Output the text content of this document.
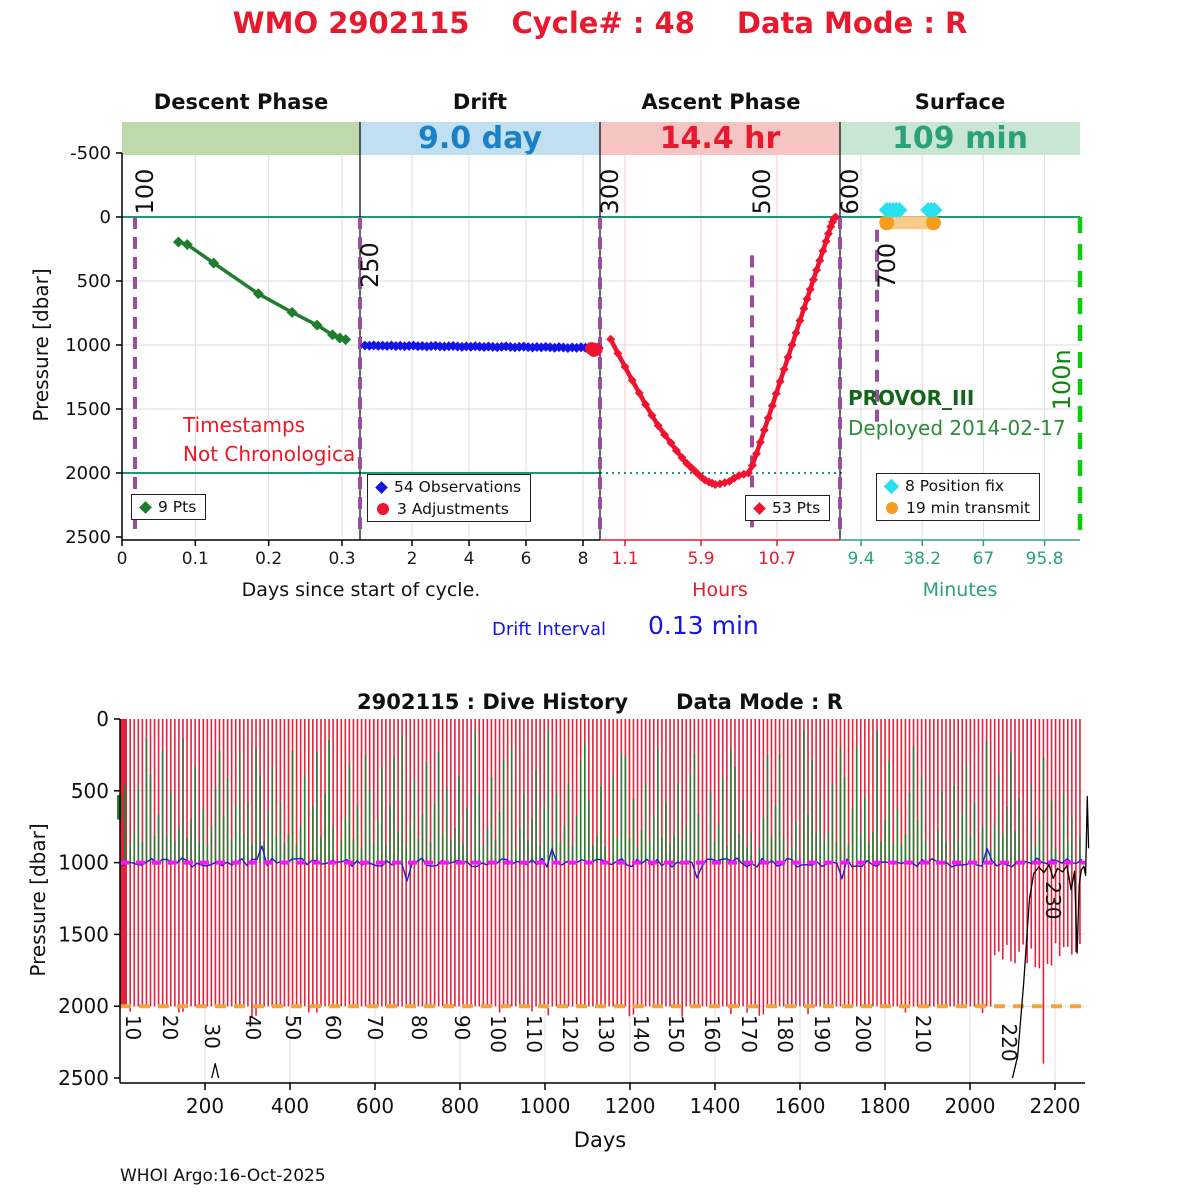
WMO 2902115 Cycle# : 48 Data Mode : R
Descent Phase	Drift	Ascent Phase	Surface
9.0 day	14.4 hr	109 min
100
250
300	500	600
700
100n
-500
0
500
1000
1500
2000
2500
0	0.1	0.2	0.3	2	4	6	8 1.1	5.9	10.7	9.4 38.2 67 95.8
Days since start of cycle.	Hours	Minutes
Pressure [dbar]
10 20 30 40 50 60 70 80 90 100 110 120 130 140 150 160 170 180 190 200 210	220
230
0
500
1000
1500
2000
2500
200 400 600 800 1000 1200 1400 1600 1800 2000 2200
Days
Pressure [dbar]
Timestamps
Not Chronologica
PROVOR_III
Deployed 2014-02-17
Drift Interval 0.13 min
9 Pts
54 Observations
3 Adjustments	53 Pts
8 Position fix
19 min transmit
2902115 : Dive History Data Mode : R
WHOI Argo:16-Oct-2025
